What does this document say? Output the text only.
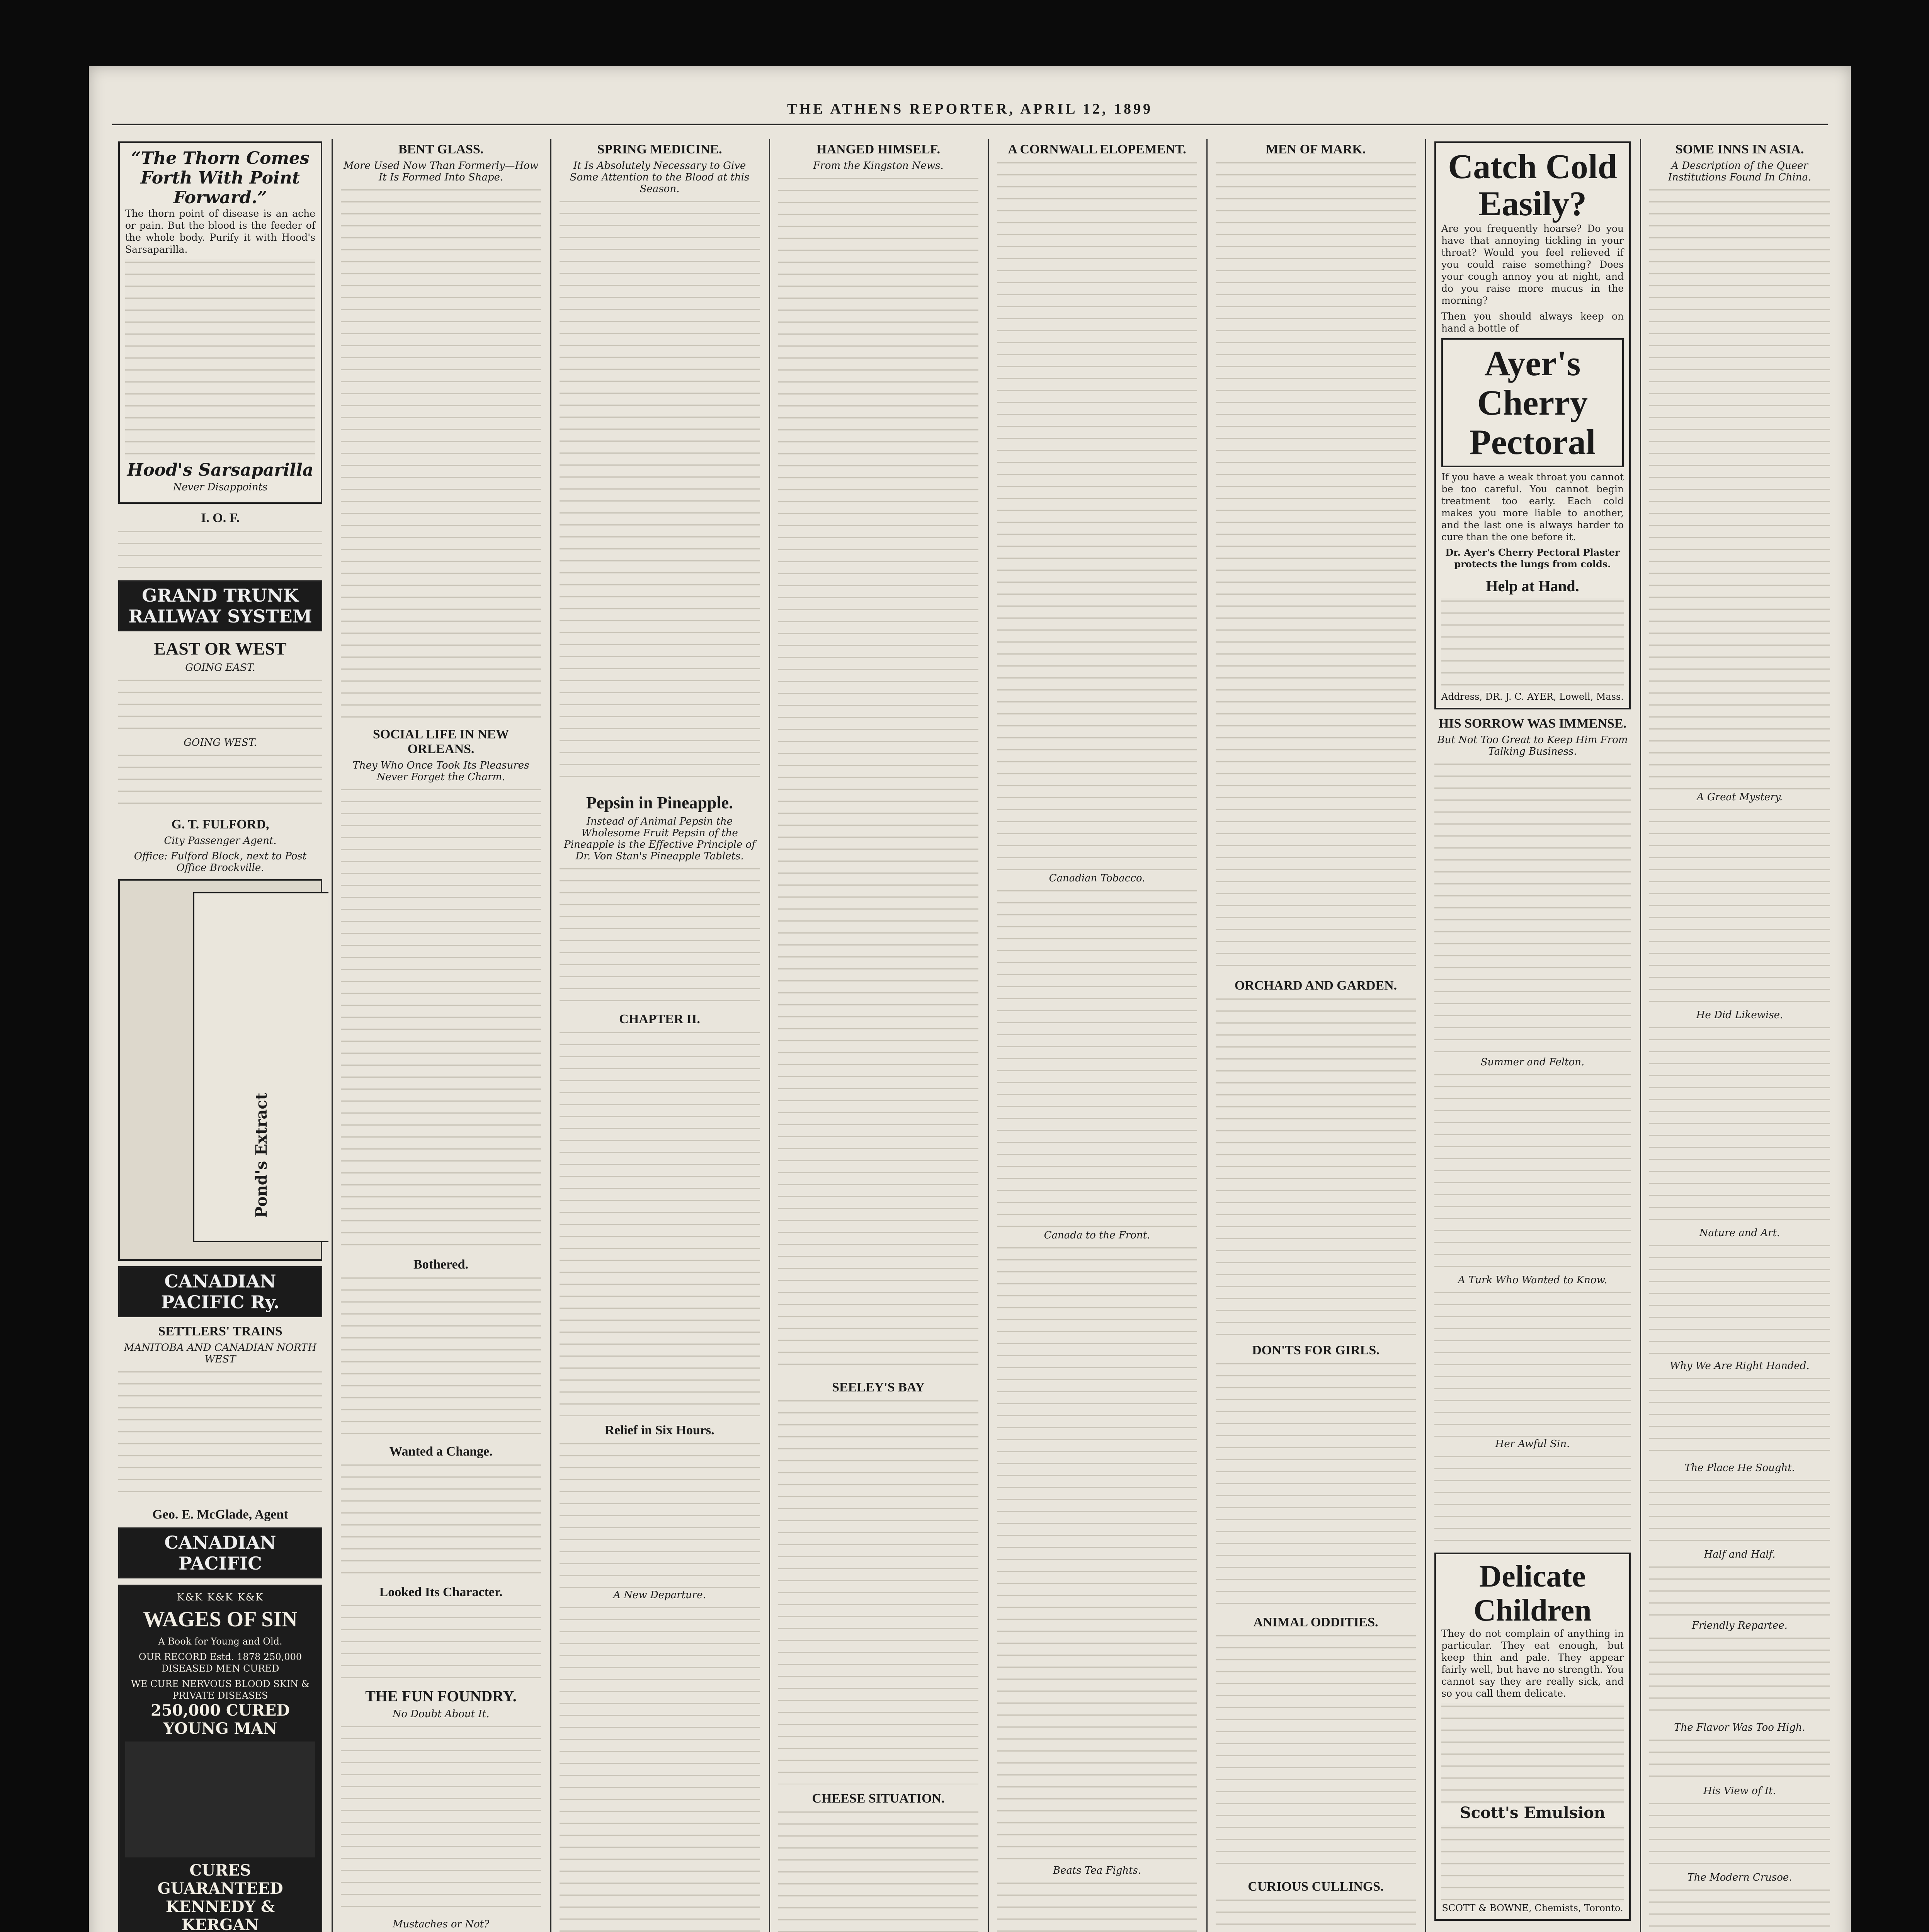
THE ATHENS REPORTER, APRIL 12, 1899
“The Thorn Comes Forth With Point Forward.”

The thorn point of disease is an ache or pain. But the blood is the feeder of the whole body. Purify it with Hood's Sarsaparilla.

Hood's Sarsaparilla
Never Disappoints
I. O. F.
GRAND TRUNK RAILWAY SYSTEM
EAST OR WEST
GOING EAST.
GOING WEST.
G. T. FULFORD,
City Passenger Agent.
Office: Fulford Block, next to Post Office Brockville.
Pond's Extract
CANADIAN PACIFIC Ry.
SETTLERS' TRAINS
MANITOBA AND CANADIAN NORTH WEST
Geo. E. McGlade, Agent
CANADIAN PACIFIC
K&K K&K K&K
WAGES OF SIN
A Book for Young and Old.
OUR RECORD Estd. 1878 250,000 DISEASED MEN CURED
WE CURE NERVOUS BLOOD SKIN & PRIVATE DISEASES
250,000 CURED
YOUNG MAN
CURES GUARANTEED
KENNEDY & KERGAN
BENT GLASS.
More Used Now Than Formerly—How It Is Formed Into Shape.
SOCIAL LIFE IN NEW ORLEANS.
They Who Once Took Its Pleasures Never Forget the Charm.
Bothered.
Wanted a Change.
Looked Its Character.
THE FUN FOUNDRY.
No Doubt About It.
Mustaches or Not?
SPRING MEDICINE.
It Is Absolutely Necessary to Give Some Attention to the Blood at this Season.
Pepsin in Pineapple.
Instead of Animal Pepsin the Wholesome Fruit Pepsin of the Pineapple is the Effective Principle of Dr. Von Stan's Pineapple Tablets.
CHAPTER II.
Relief in Six Hours.
A New Departure.
HANGED HIMSELF.
From the Kingston News.
SEELEY'S BAY
CHEESE SITUATION.
A CORNWALL ELOPEMENT.
Canadian Tobacco.
Canada to the Front.
Beats Tea Fights.
MEN OF MARK.
ORCHARD AND GARDEN.
DON'TS FOR GIRLS.
ANIMAL ODDITIES.
CURIOUS CULLINGS.
Catch Cold Easily?

Are you frequently hoarse? Do you have that annoying tickling in your throat? Would you feel relieved if you could raise something? Does your cough annoy you at night, and do you raise more mucus in the morning?

Then you should always keep on hand a bottle of

Ayer's Cherry Pectoral

If you have a weak throat you cannot be too careful. You cannot begin treatment too early. Each cold makes you more liable to another, and the last one is always harder to cure than the one before it.

Dr. Ayer's Cherry Pectoral Plaster protects the lungs from colds.
Help at Hand.
Address, DR. J. C. AYER, Lowell, Mass.
HIS SORROW WAS IMMENSE.
But Not Too Great to Keep Him From Talking Business.
Summer and Felton.
A Turk Who Wanted to Know.
Her Awful Sin.
Delicate Children

They do not complain of anything in particular. They eat enough, but keep thin and pale. They appear fairly well, but have no strength. You cannot say they are really sick, and so you call them delicate.

Scott's Emulsion
SCOTT & BOWNE, Chemists, Toronto.
SOME INNS IN ASIA.
A Description of the Queer Institutions Found In China.
A Great Mystery.
He Did Likewise.
Nature and Art.
Why We Are Right Handed.
The Place He Sought.
Half and Half.
Friendly Repartee.
The Flavor Was Too High.
His View of It.
The Modern Crusoe.
